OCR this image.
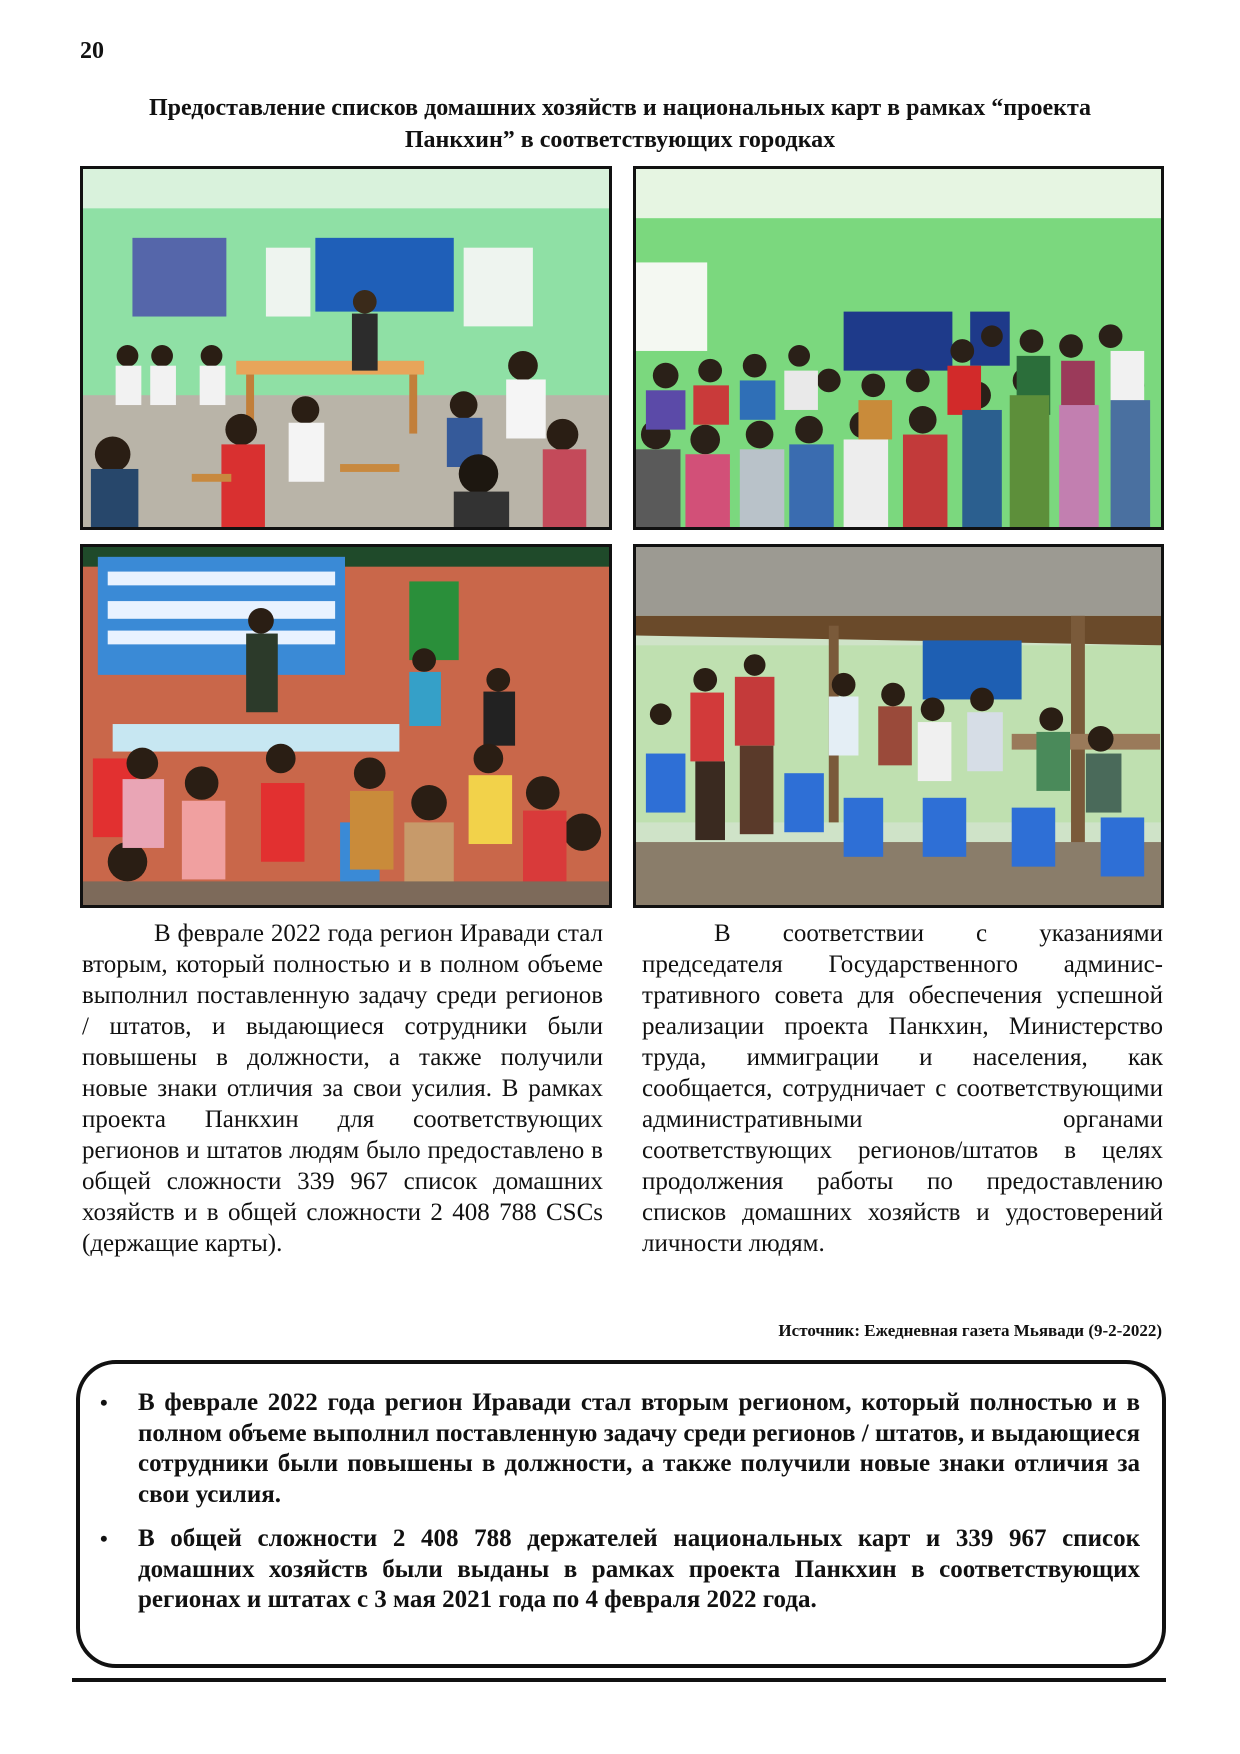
20
Предоставление списков домашних хозяйств и национальных карт в рамках “проекта Панкхин” в соответствующих городках

В феврале 2022 года регион Иравади стал вторым, который полностью и в полном объеме выполнил поставленную задачу среди регионов / штатов, и выдающиеся сотрудники были повышены в должности, а также получили новые знаки отличия за свои усилия. В рамках проекта Панкхин для соответствующих регионов и штатов людям было предоставлено в общей сложности 339 967 список домашних хозяйств и в общей сложности 2 408 788 CSCs (держащие карты).

В соответствии с указаниями председателя Государственного административного совета для обеспечения успешной реализации проекта Панкхин, Министерство труда, иммиграции и населения, как сообщается, сотрудничает с соответствующими административными органами соответствующих регионов/штатов в целях продолжения работы по предоставлению списков домашних хозяйств и удостоверений личности людям.

Источник: Ежедневная газета Мьявади (9-2-2022)
• В феврале 2022 года регион Иравади стал вторым регионом, который полностью и в полном объеме выполнил поставленную задачу среди регионов / штатов, и выдающиеся сотрудники были повышены в должности, а также получили новые знаки отличия за свои усилия.
• В общей сложности 2 408 788 держателей национальных карт и 339 967 список домашних хозяйств были выданы в рамках проекта Панкхин в соответствующих регионах и штатах с 3 мая 2021 года по 4 февраля 2022 года.
